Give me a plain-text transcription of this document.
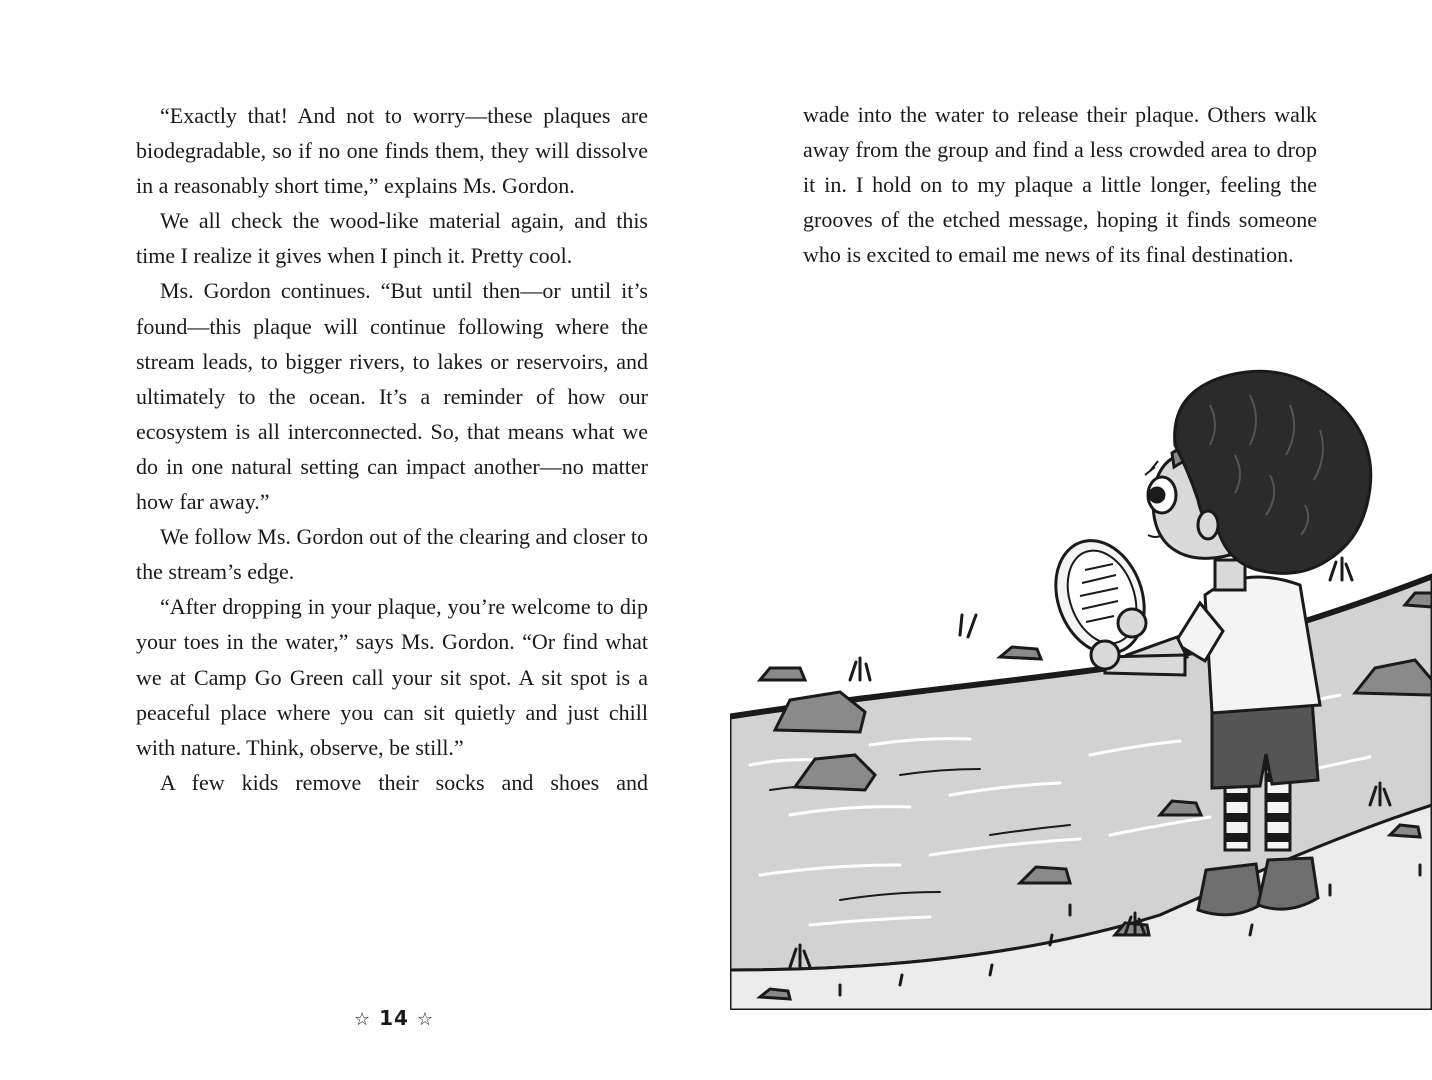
“Exactly that! And not to worry—these plaques are biodegradable, so if no one finds them, they will dissolve in a reasonably short time,” explains Ms. Gordon.

We all check the wood-like material again, and this time I realize it gives when I pinch it. Pretty cool.

Ms. Gordon continues. “But until then—or until it’s found—this plaque will continue following where the stream leads, to bigger rivers, to lakes or reservoirs, and ultimately to the ocean. It’s a reminder of how our ecosystem is all interconnected. So, that means what we do in one natural setting can impact another—no matter how far away.”

We follow Ms. Gordon out of the clearing and closer to the stream’s edge.

“After dropping in your plaque, you’re welcome to dip your toes in the water,” says Ms. Gordon. “Or find what we at Camp Go Green call your sit spot. A sit spot is a peaceful place where you can sit quietly and just chill with nature. Think, observe, be still.”

A few kids remove their socks and shoes and

☆ 14 ☆

wade into the water to release their plaque. Others walk away from the group and find a less crowded area to drop it in. I hold on to my plaque a little longer, feeling the grooves of the etched message, hoping it finds someone who is excited to email me news of its final destination.
